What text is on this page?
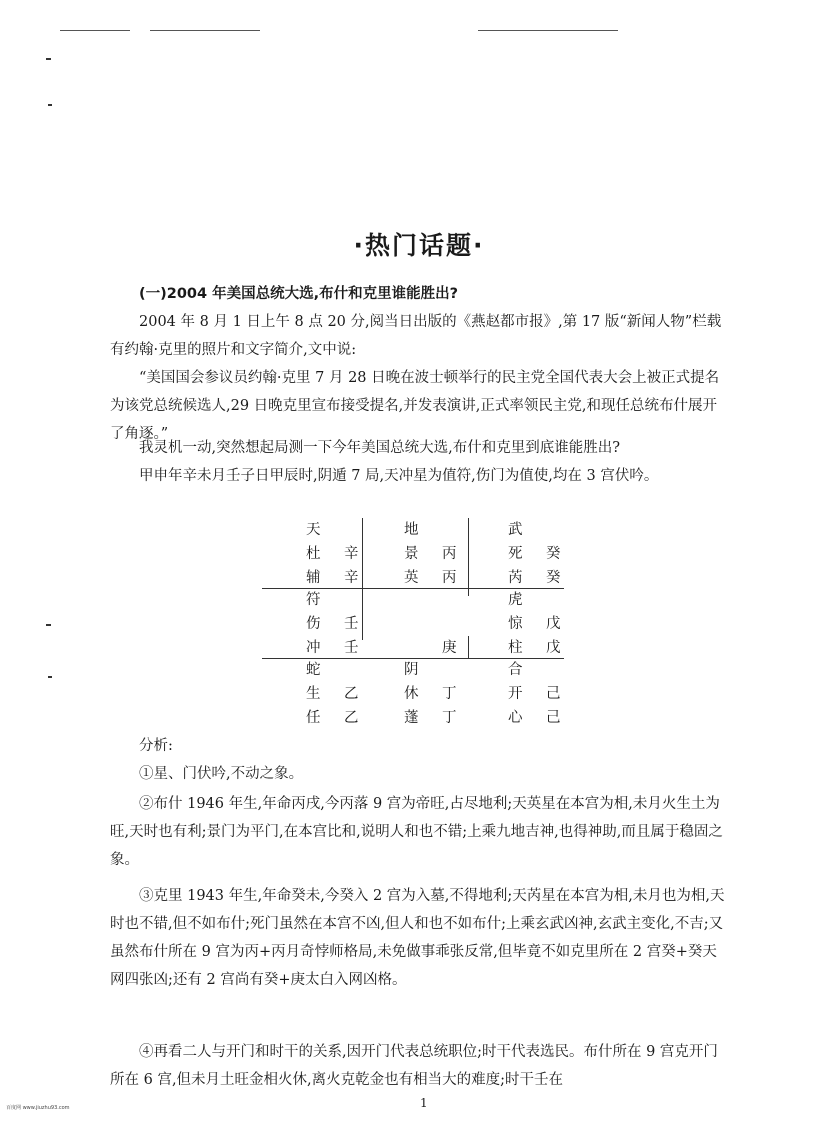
·热门话题·

(一)2004 年美国总统大选,布什和克里谁能胜出?

2004 年 8 月 1 日上午 8 点 20 分,阅当日出版的《燕赵都市报》,第 17 版“新闻人物”栏载有约翰·克里的照片和文字简介,文中说:

“美国国会参议员约翰·克里 7 月 28 日晚在波士顿举行的民主党全国代表大会上被正式提名为该党总统候选人,29 日晚克里宣布接受提名,并发表演讲,正式率领民主党,和现任总统布什展开了角逐。”

我灵机一动,突然想起局测一下今年美国总统大选,布什和克里到底谁能胜出?

甲申年辛未月壬子日甲辰时,阴遁 7 局,天冲星为值符,伤门为值使,均在 3 宫伏吟。

天
杜 辛
辅 辛
地
景 丙
英 丙
武
死 癸
芮 癸
符
伤 壬
冲 壬	庚
虎
惊 戊
柱 戊
蛇
生 乙
任 乙
阴
休 丁
蓬 丁
合
开 己
心 己

分析:

①星、门伏吟,不动之象。

②布什 1946 年生,年命丙戌,今丙落 9 宫为帝旺,占尽地利;天英星在本宫为相,未月火生土为旺,天时也有利;景门为平门,在本宫比和,说明人和也不错;上乘九地吉神,也得神助,而且属于稳固之象。

③克里 1943 年生,年命癸未,今癸入 2 宫为入墓,不得地利;天芮星在本宫为相,未月也为相,天时也不错,但不如布什;死门虽然在本宫不凶,但人和也不如布什;上乘玄武凶神,玄武主变化,不吉;又虽然布什所在 9 宫为丙+丙月奇悖师格局,未免做事乖张反常,但毕竟不如克里所在 2 宫癸+癸天网四张凶;还有 2 宫尚有癸+庚太白入网凶格。

④再看二人与开门和时干的关系,因开门代表总统职位;时干代表选民。布什所在 9 宫克开门所在 6 宫,但未月土旺金相火休,离火克乾金也有相当大的难度;时干壬在

百度网 www.jiuzhu93.com	1
